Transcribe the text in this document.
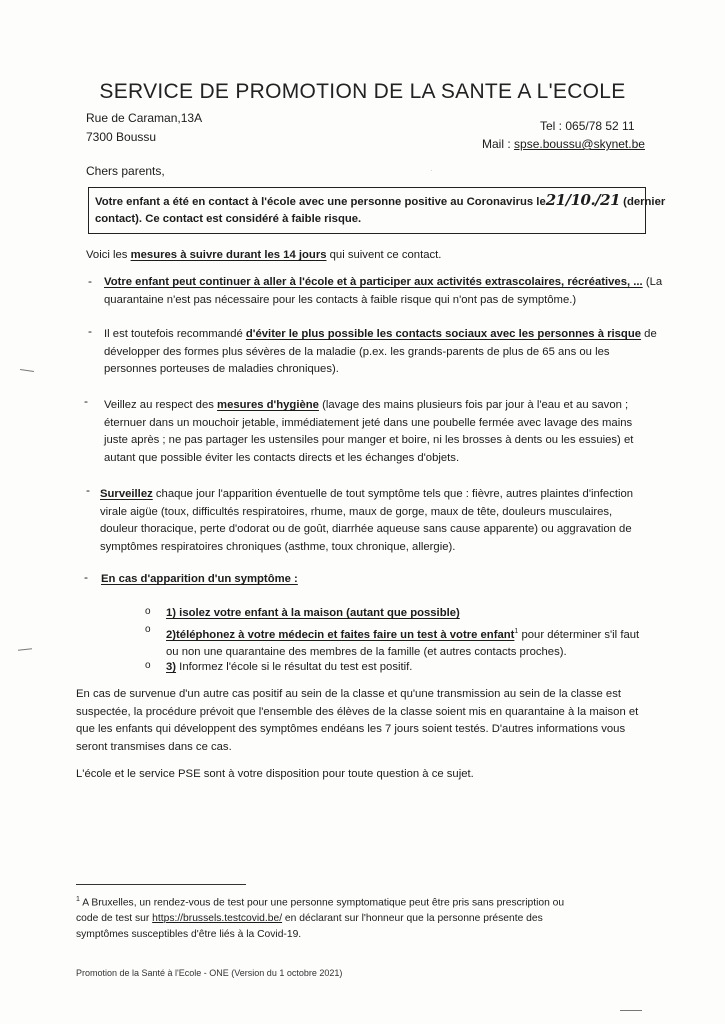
SERVICE DE PROMOTION DE LA SANTE A L'ECOLE
Rue de Caraman,13A
7300 Boussu
Tel : 065/78 52 11
Mail : spse.boussu@skynet.be
Chers parents,	·
Votre enfant a été en contact à l'école avec une personne positive au Coronavirus le21/10./21 (dernier
contact). Ce contact est considéré à faible risque.
Voici les mesures à suivre durant les 14 jours qui suivent ce contact.
- Votre enfant peut continuer à aller à l'école et à participer aux activités extrascolaires, récréatives, ... (La
quarantaine n'est pas nécessaire pour les contacts à faible risque qui n'ont pas de symptôme.)
- Il est toutefois recommandé d'éviter le plus possible les contacts sociaux avec les personnes à risque de
développer des formes plus sévères de la maladie (p.ex. les grands-parents de plus de 65 ans ou les
personnes porteuses de maladies chroniques).
- Veillez au respect des mesures d'hygiène (lavage des mains plusieurs fois par jour à l'eau et au savon ;
éternuer dans un mouchoir jetable, immédiatement jeté dans une poubelle fermée avec lavage des mains
juste après ; ne pas partager les ustensiles pour manger et boire, ni les brosses à dents ou les essuies) et
autant que possible éviter les contacts directs et les échanges d'objets.
- Surveillez chaque jour l'apparition éventuelle de tout symptôme tels que : fièvre, autres plaintes d'infection
virale aigüe (toux, difficultés respiratoires, rhume, maux de gorge, maux de tête, douleurs musculaires,
douleur thoracique, perte d'odorat ou de goût, diarrhée aqueuse sans cause apparente) ou aggravation de
symptômes respiratoires chroniques (asthme, toux chronique, allergie).
- En cas d'apparition d'un symptôme :
o 1) isolez votre enfant à la maison (autant que possible)
o 2)téléphonez à votre médecin et faites faire un test à votre enfant$^1$ pour déterminer s'il faut
ou non une quarantaine des membres de la famille (et autres contacts proches).
o 3) Informez l'école si le résultat du test est positif.
En cas de survenue d'un autre cas positif au sein de la classe et qu'une transmission au sein de la classe est
suspectée, la procédure prévoit que l'ensemble des élèves de la classe soient mis en quarantaine à la maison et
que les enfants qui développent des symptômes endéans les 7 jours soient testés. D'autres informations vous
seront transmises dans ce cas.
L'école et le service PSE sont à votre disposition pour toute question à ce sujet.
$^1$ A Bruxelles, un rendez-vous de test pour une personne symptomatique peut être pris sans prescription ou
code de test sur https://brussels.testcovid.be/ en déclarant sur l'honneur que la personne présente des
symptômes susceptibles d'être liés à la Covid-19.
Promotion de la Santé à l'Ecole - ONE (Version du 1 octobre 2021)
